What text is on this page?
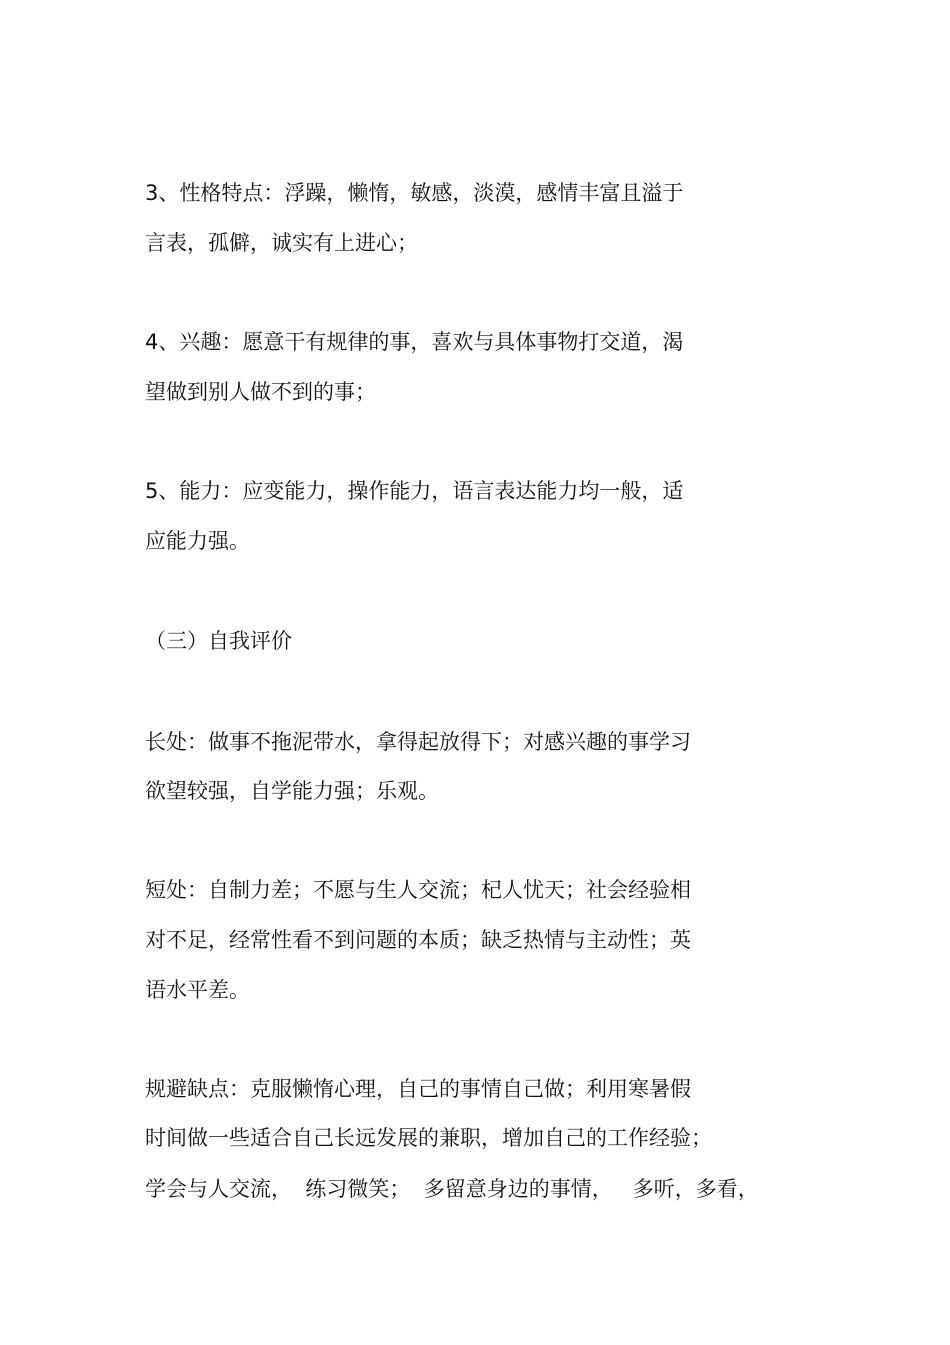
3、性格特点：浮躁，懒惰，敏感，淡漠，感情丰富且溢于

言表，孤僻，诚实有上进心；

4、兴趣：愿意干有规律的事，喜欢与具体事物打交道，渴

望做到别人做不到的事；

5、能力：应变能力，操作能力，语言表达能力均一般，适

应能力强。

（三）自我评价

长处：做事不拖泥带水，拿得起放得下；对感兴趣的事学习

欲望较强，自学能力强；乐观。

短处：自制力差；不愿与生人交流；杞人忧天；社会经验相

对不足，经常性看不到问题的本质；缺乏热情与主动性；英

语水平差。

规避缺点：克服懒惰心理，自己的事情自己做；利用寒暑假

时间做一些适合自己长远发展的兼职，增加自己的工作经验；

学会与人交流，  练习微笑；  多留意身边的事情，   多听，多看，
